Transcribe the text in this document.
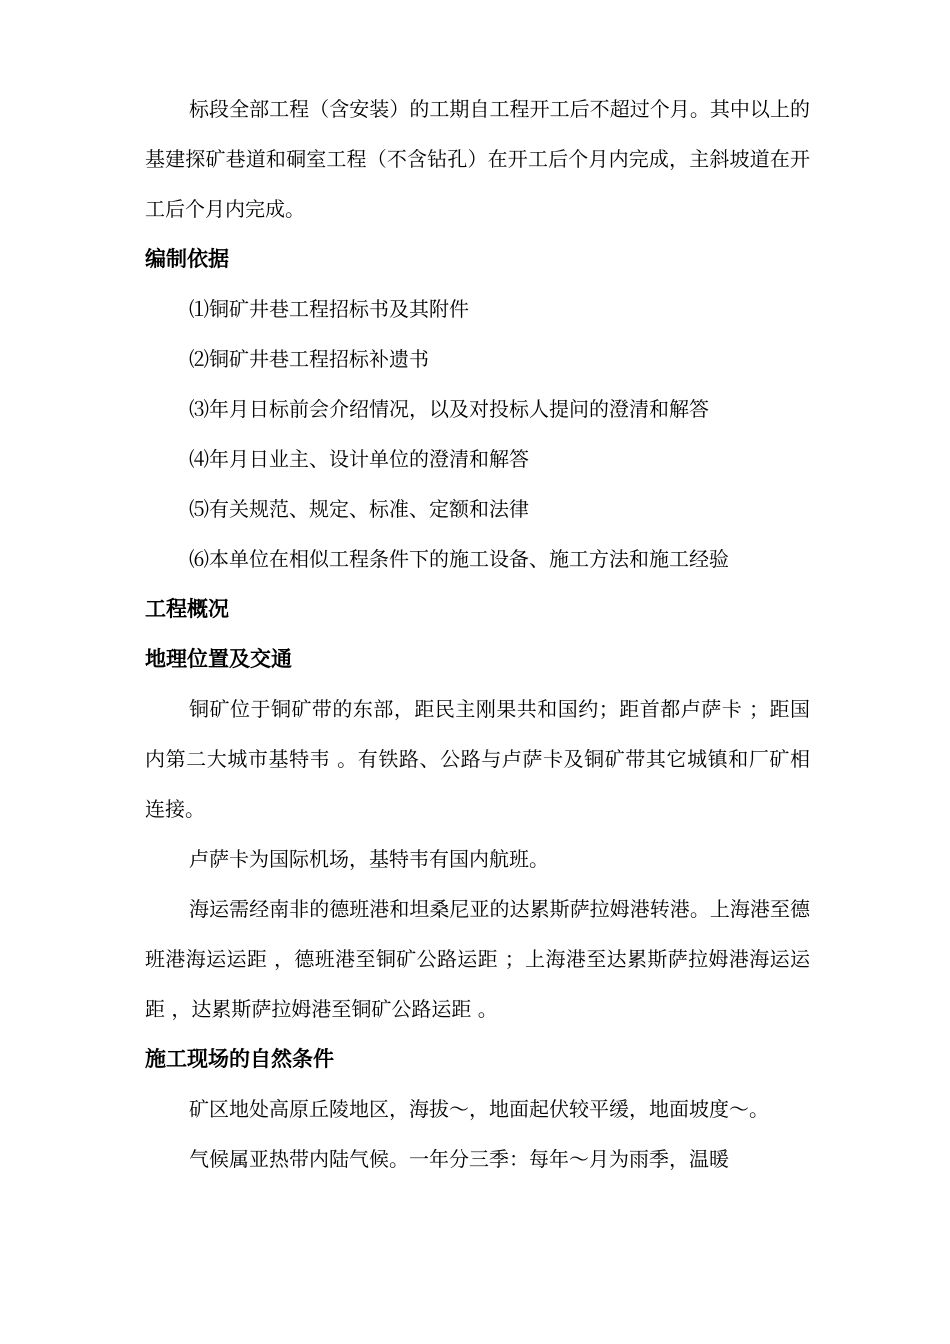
标段全部工程（含安装）的工期自工程开工后不超过个月。其中以上的基建探矿巷道和硐室工程（不含钻孔）在开工后个月内完成，主斜坡道在开工后个月内完成。

编制依据

⑴铜矿井巷工程招标书及其附件

⑵铜矿井巷工程招标补遗书

⑶年月日标前会介绍情况，以及对投标人提问的澄清和解答

⑷年月日业主、设计单位的澄清和解答

⑸有关规范、规定、标准、定额和法律

⑹本单位在相似工程条件下的施工设备、施工方法和施工经验

工程概况
地理位置及交通

铜矿位于铜矿带的东部，距民主刚果共和国约；距首都卢萨卡 ；距国内第二大城市基特韦 。有铁路、公路与卢萨卡及铜矿带其它城镇和厂矿相连接。

卢萨卡为国际机场，基特韦有国内航班。

海运需经南非的德班港和坦桑尼亚的达累斯萨拉姆港转港。上海港至德班港海运运距 ，德班港至铜矿公路运距 ；上海港至达累斯萨拉姆港海运运距 ，达累斯萨拉姆港至铜矿公路运距 。

施工现场的自然条件

矿区地处高原丘陵地区，海拔～，地面起伏较平缓，地面坡度～。

气候属亚热带内陆气候。一年分三季：每年～月为雨季，温暖
